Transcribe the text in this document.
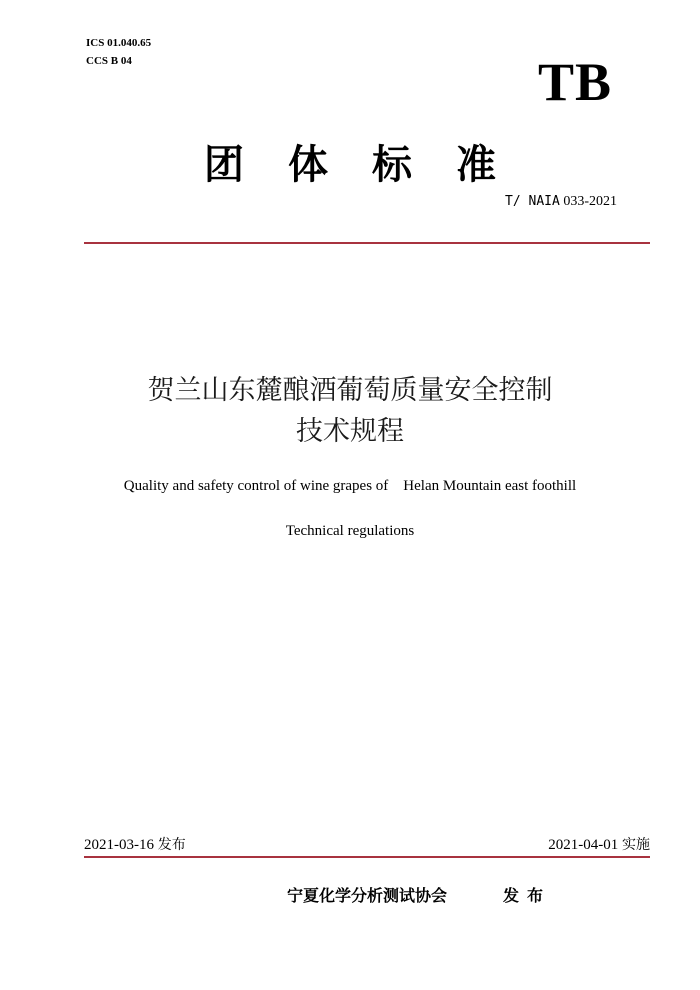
ICS 01.040.65
CCS B 04	TB
团体标准
T/ NAIA 033-2021
贺兰山东麓酿酒葡萄质量安全控制
技术规程
Quality and safety control of wine grapes of    Helan Mountain east foothill
Technical regulations
2021-03-16 发布	2021-04-01 实施
宁夏化学分析测试协会	发布
